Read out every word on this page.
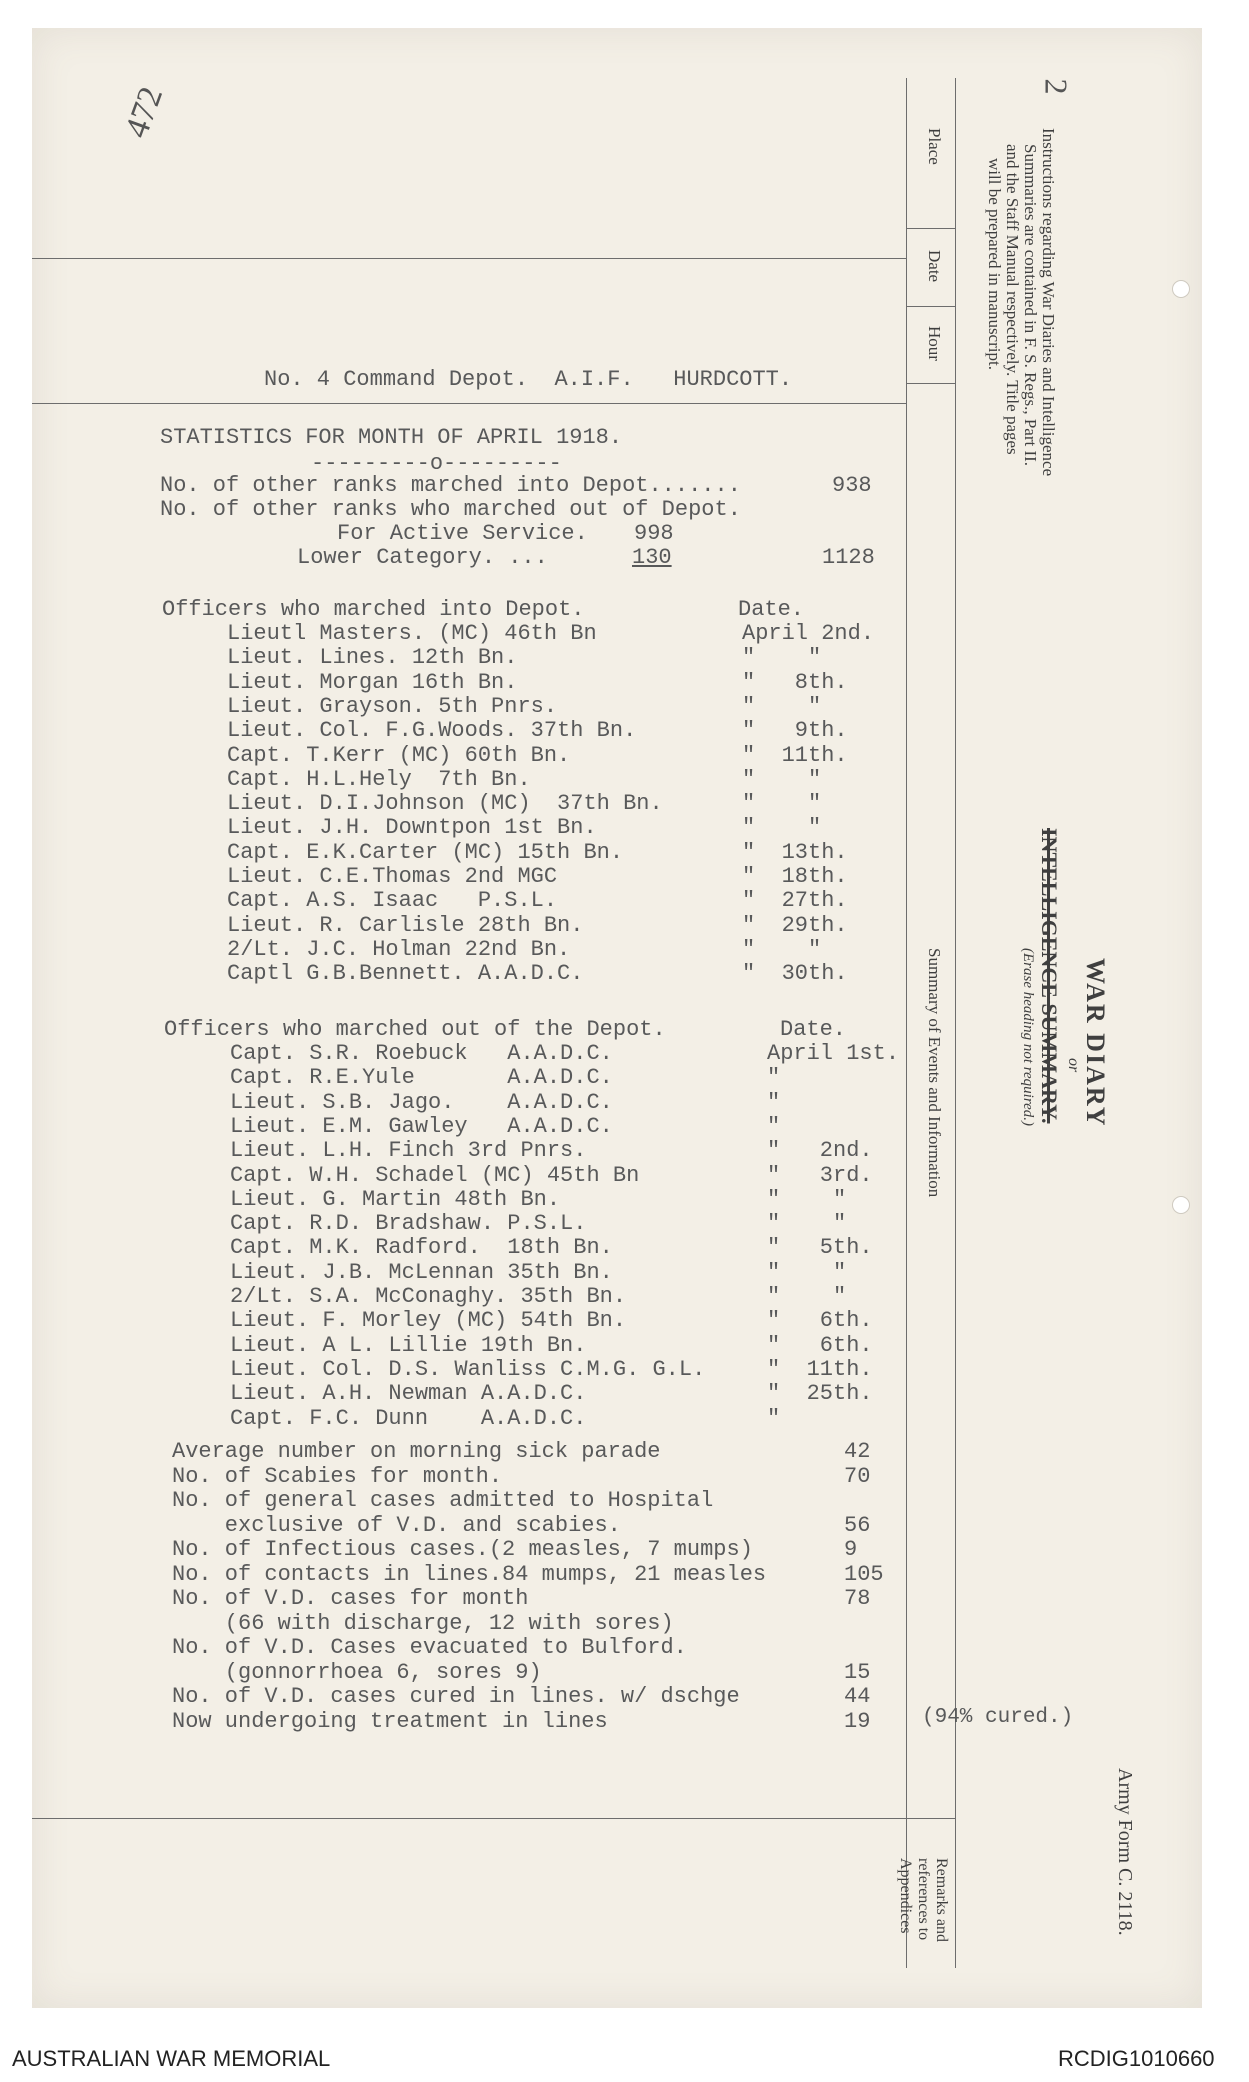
472	2
Place
Date
Hour
Summary of Events and Information
Remarks and
references to
Appendices
Instructions regarding War Diaries and Intelligence
Summaries are contained in F. S. Regs., Part II.
and the Staff Manual respectively. Title pages
will be prepared in manuscript.
WAR DIARY
or
INTELLIGENCE SUMMARY.
(Erase heading not required.)
Army Form C. 2118.
No. 4 Command Depot.  A.I.F.   HURDCOTT.
STATISTICS FOR MONTH OF APRIL 1918.
---------o---------
No. of other ranks marched into Depot.......	938
No. of other ranks who marched out of Depot.
For Active Service. 998
Lower Category. ...	130	1128
Officers who marched into Depot.	Date.
Lieutl Masters. (MC) 46th Bn	April 2nd.
Lieut. Lines. 12th Bn.	"    "
Lieut. Morgan 16th Bn.	"   8th.
Lieut. Grayson. 5th Pnrs.	"    "
Lieut. Col. F.G.Woods. 37th Bn.	"   9th.
Capt. T.Kerr (MC) 60th Bn.	"  11th.
Capt. H.L.Hely  7th Bn.	"    "
Lieut. D.I.Johnson (MC)  37th Bn.	"    "
Lieut. J.H. Downtpon 1st Bn.	"    "
Capt. E.K.Carter (MC) 15th Bn.	"  13th.
Lieut. C.E.Thomas 2nd MGC	"  18th.
Capt. A.S. Isaac   P.S.L.	"  27th.
Lieut. R. Carlisle 28th Bn.	"  29th.
2/Lt. J.C. Holman 22nd Bn.	"    "
Captl G.B.Bennett. A.A.D.C.	"  30th.
Officers who marched out of the Depot.	Date.
Capt. S.R. Roebuck   A.A.D.C.	April 1st.
Capt. R.E.Yule       A.A.D.C.	"
Lieut. S.B. Jago.    A.A.D.C.	"
Lieut. E.M. Gawley   A.A.D.C.	"
Lieut. L.H. Finch 3rd Pnrs.	"   2nd.
Capt. W.H. Schadel (MC) 45th Bn	"   3rd.
Lieut. G. Martin 48th Bn.	"    "
Capt. R.D. Bradshaw. P.S.L.	"    "
Capt. M.K. Radford.  18th Bn.	"   5th.
Lieut. J.B. McLennan 35th Bn.	"    "
2/Lt. S.A. McConaghy. 35th Bn.	"    "
Lieut. F. Morley (MC) 54th Bn.	"   6th.
Lieut. A L. Lillie 19th Bn.	"   6th.
Lieut. Col. D.S. Wanliss C.M.G. G.L.	"  11th.
Lieut. A.H. Newman A.A.D.C.	"  25th.
Capt. F.C. Dunn    A.A.D.C.	"
Average number on morning sick parade	42
No. of Scabies for month.	70
No. of general cases admitted to Hospital
exclusive of V.D. and scabies.	56
No. of Infectious cases.(2 measles, 7 mumps)	9
No. of contacts in lines.84 mumps, 21 measles	105
No. of V.D. cases for month	78
(66 with discharge, 12 with sores)
No. of V.D. Cases evacuated to Bulford.
(gonnorrhoea 6, sores 9)	15
No. of V.D. cases cured in lines. w/ dschge	44
Now undergoing treatment in lines	19 (94% cured.)
AUSTRALIAN WAR MEMORIAL	RCDIG1010660
